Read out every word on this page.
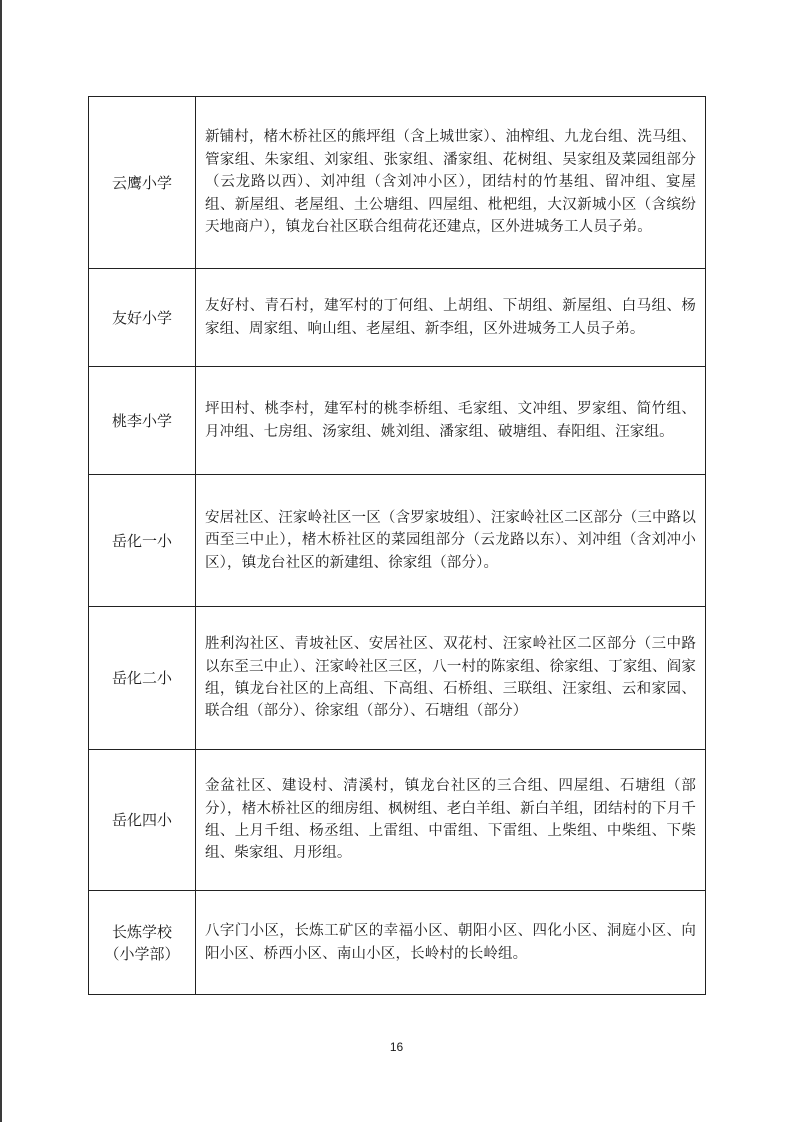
云鹰小学	新铺村，楮木桥社区的熊坪组（含上城世家）、油榨组、九龙台组、洗马组、管家组、朱家组、刘家组、张家组、潘家组、花树组、吴家组及菜园组部分（云龙路以西）、刘冲组（含刘冲小区），团结村的竹基组、留冲组、宴屋组、新屋组、老屋组、土公塘组、四屋组、枇杷组，大汉新城小区（含缤纷天地商户），镇龙台社区联合组荷花还建点，区外进城务工人员子弟。

友好小学	友好村、青石村，建军村的丁何组、上胡组、下胡组、新屋组、白马组、杨家组、周家组、响山组、老屋组、新李组，区外进城务工人员子弟。

桃李小学	坪田村、桃李村，建军村的桃李桥组、毛家组、文冲组、罗家组、简竹组、月冲组、七房组、汤家组、姚刘组、潘家组、破塘组、春阳组、汪家组。

岳化一小	安居社区、汪家岭社区一区（含罗家坡组）、汪家岭社区二区部分（三中路以西至三中止），楮木桥社区的菜园组部分（云龙路以东）、刘冲组（含刘冲小区），镇龙台社区的新建组、徐家组（部分）。

岳化二小	胜利沟社区、青坡社区、安居社区、双花村、汪家岭社区二区部分（三中路以东至三中止）、汪家岭社区三区，八一村的陈家组、徐家组、丁家组、阎家组，镇龙台社区的上高组、下高组、石桥组、三联组、汪家组、云和家园、联合组（部分）、徐家组（部分）、石塘组（部分）

岳化四小	金盆社区、建设村、清溪村，镇龙台社区的三合组、四屋组、石塘组（部分），楮木桥社区的细房组、枫树组、老白羊组、新白羊组，团结村的下月千组、上月千组、杨丞组、上雷组、中雷组、下雷组、上柴组、中柴组、下柴组、柴家组、月形组。

长炼学校
（小学部）	八字门小区，长炼工矿区的幸福小区、朝阳小区、四化小区、洞庭小区、向阳小区、桥西小区、南山小区，长岭村的长岭组。
16
